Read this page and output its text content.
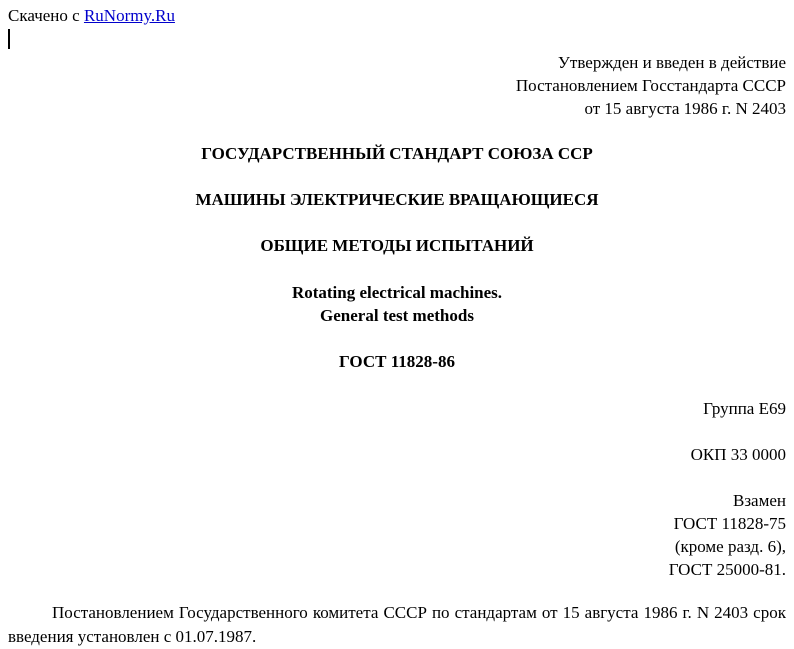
Скачено с RuNormy.Ru
Утвержден и введен в действие
Постановлением Госстандарта СССР
от 15 августа 1986 г. N 2403
ГОСУДАРСТВЕННЫЙ СТАНДАРТ СОЮЗА ССР
МАШИНЫ ЭЛЕКТРИЧЕСКИЕ ВРАЩАЮЩИЕСЯ
ОБЩИЕ МЕТОДЫ ИСПЫТАНИЙ
Rotating electrical machines.
General test methods
ГОСТ 11828-86
Группа Е69
ОКП 33 0000
Взамен
ГОСТ 11828-75
(кроме разд. 6),
ГОСТ 25000-81.
Постановлением Государственного комитета СССР по стандартам от 15 августа 1986 г. N 2403 срок введения установлен с 01.07.1987.
